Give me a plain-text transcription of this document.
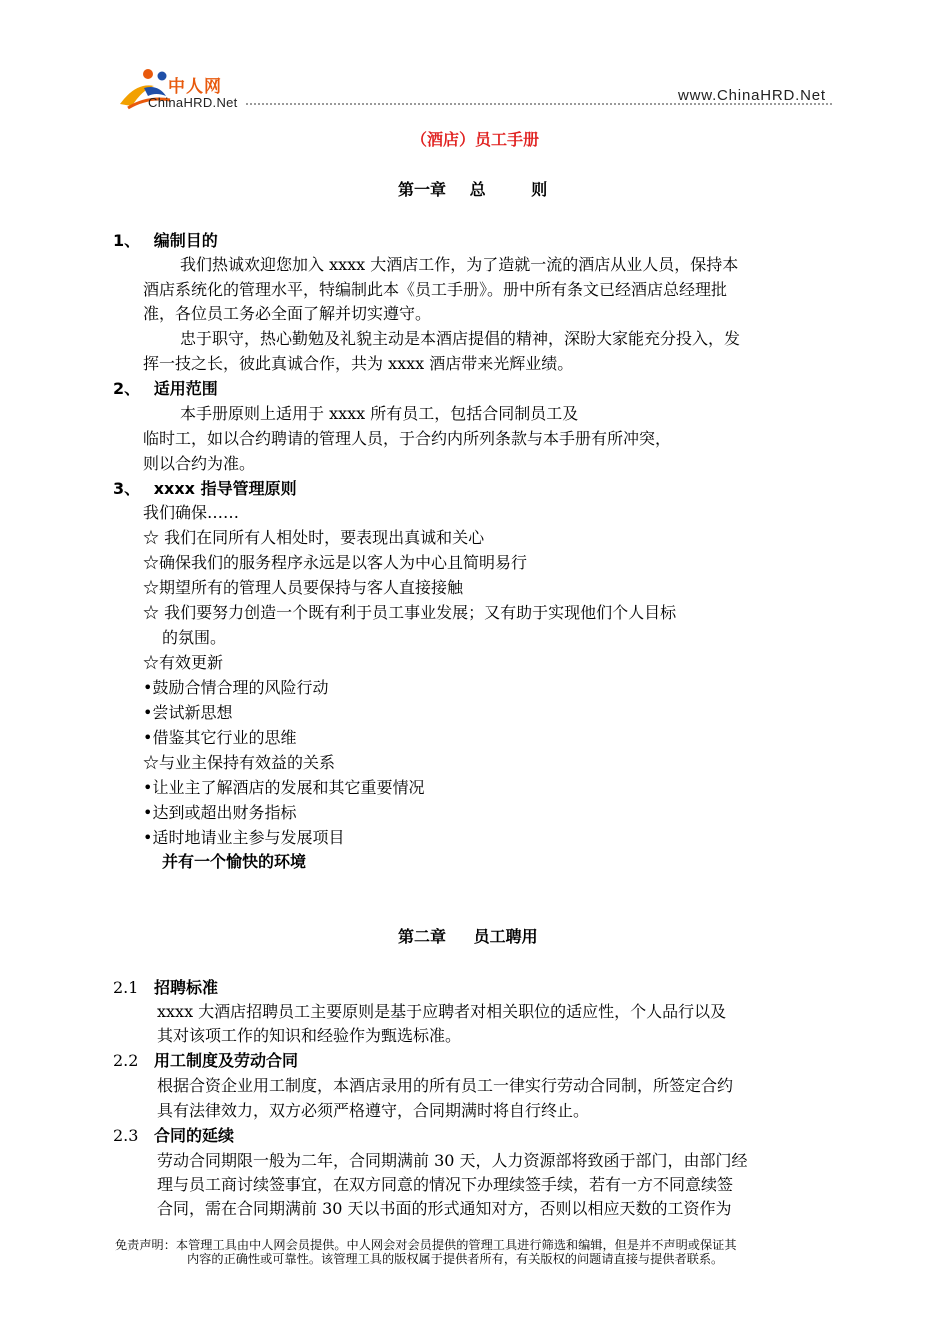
中人网
ChinaHRD.Net	www.ChinaHRD.Net
（酒店）员工手册
第一章 总	则
1、 编制目的
我们热诚欢迎您加入 xxxx 大酒店工作，为了造就一流的酒店从业人员，保持本
酒店系统化的管理水平，特编制此本《员工手册》。册中所有条文已经酒店总经理批
准，各位员工务必全面了解并切实遵守。
忠于职守，热心勤勉及礼貌主动是本酒店提倡的精神，深盼大家能充分投入，发
挥一技之长，彼此真诚合作，共为 xxxx 酒店带来光辉业绩。
2、 适用范围
本手册原则上适用于 xxxx 所有员工，包括合同制员工及
临时工，如以合约聘请的管理人员，于合约内所列条款与本手册有所冲突，
则以合约为准。
3、 xxxx 指导管理原则
我们确保……
☆ 我们在同所有人相处时，要表现出真诚和关心
☆确保我们的服务程序永远是以客人为中心且简明易行
☆期望所有的管理人员要保持与客人直接接触
☆ 我们要努力创造一个既有利于员工事业发展；又有助于实现他们个人目标
的氛围。
☆有效更新
•鼓励合情合理的风险行动
•尝试新思想
•借鉴其它行业的思维
☆与业主保持有效益的关系
•让业主了解酒店的发展和其它重要情况
•达到或超出财务指标
•适时地请业主参与发展项目
并有一个愉快的环境
第二章 员工聘用
2.1 招聘标准
xxxx 大酒店招聘员工主要原则是基于应聘者对相关职位的适应性，个人品行以及
其对该项工作的知识和经验作为甄选标准。
2.2 用工制度及劳动合同
根据合资企业用工制度，本酒店录用的所有员工一律实行劳动合同制，所签定合约
具有法律效力，双方必须严格遵守，合同期满时将自行终止。
2.3 合同的延续
劳动合同期限一般为二年，合同期满前 30 天，人力资源部将致函于部门，由部门经
理与员工商讨续签事宜，在双方同意的情况下办理续签手续，若有一方不同意续签
合同，需在合同期满前 30 天以书面的形式通知对方，否则以相应天数的工资作为
免责声明：本管理工具由中人网会员提供。中人网会对会员提供的管理工具进行筛选和编辑，但是并不声明或保证其
内容的正确性或可靠性。该管理工具的版权属于提供者所有，有关版权的问题请直接与提供者联系。
